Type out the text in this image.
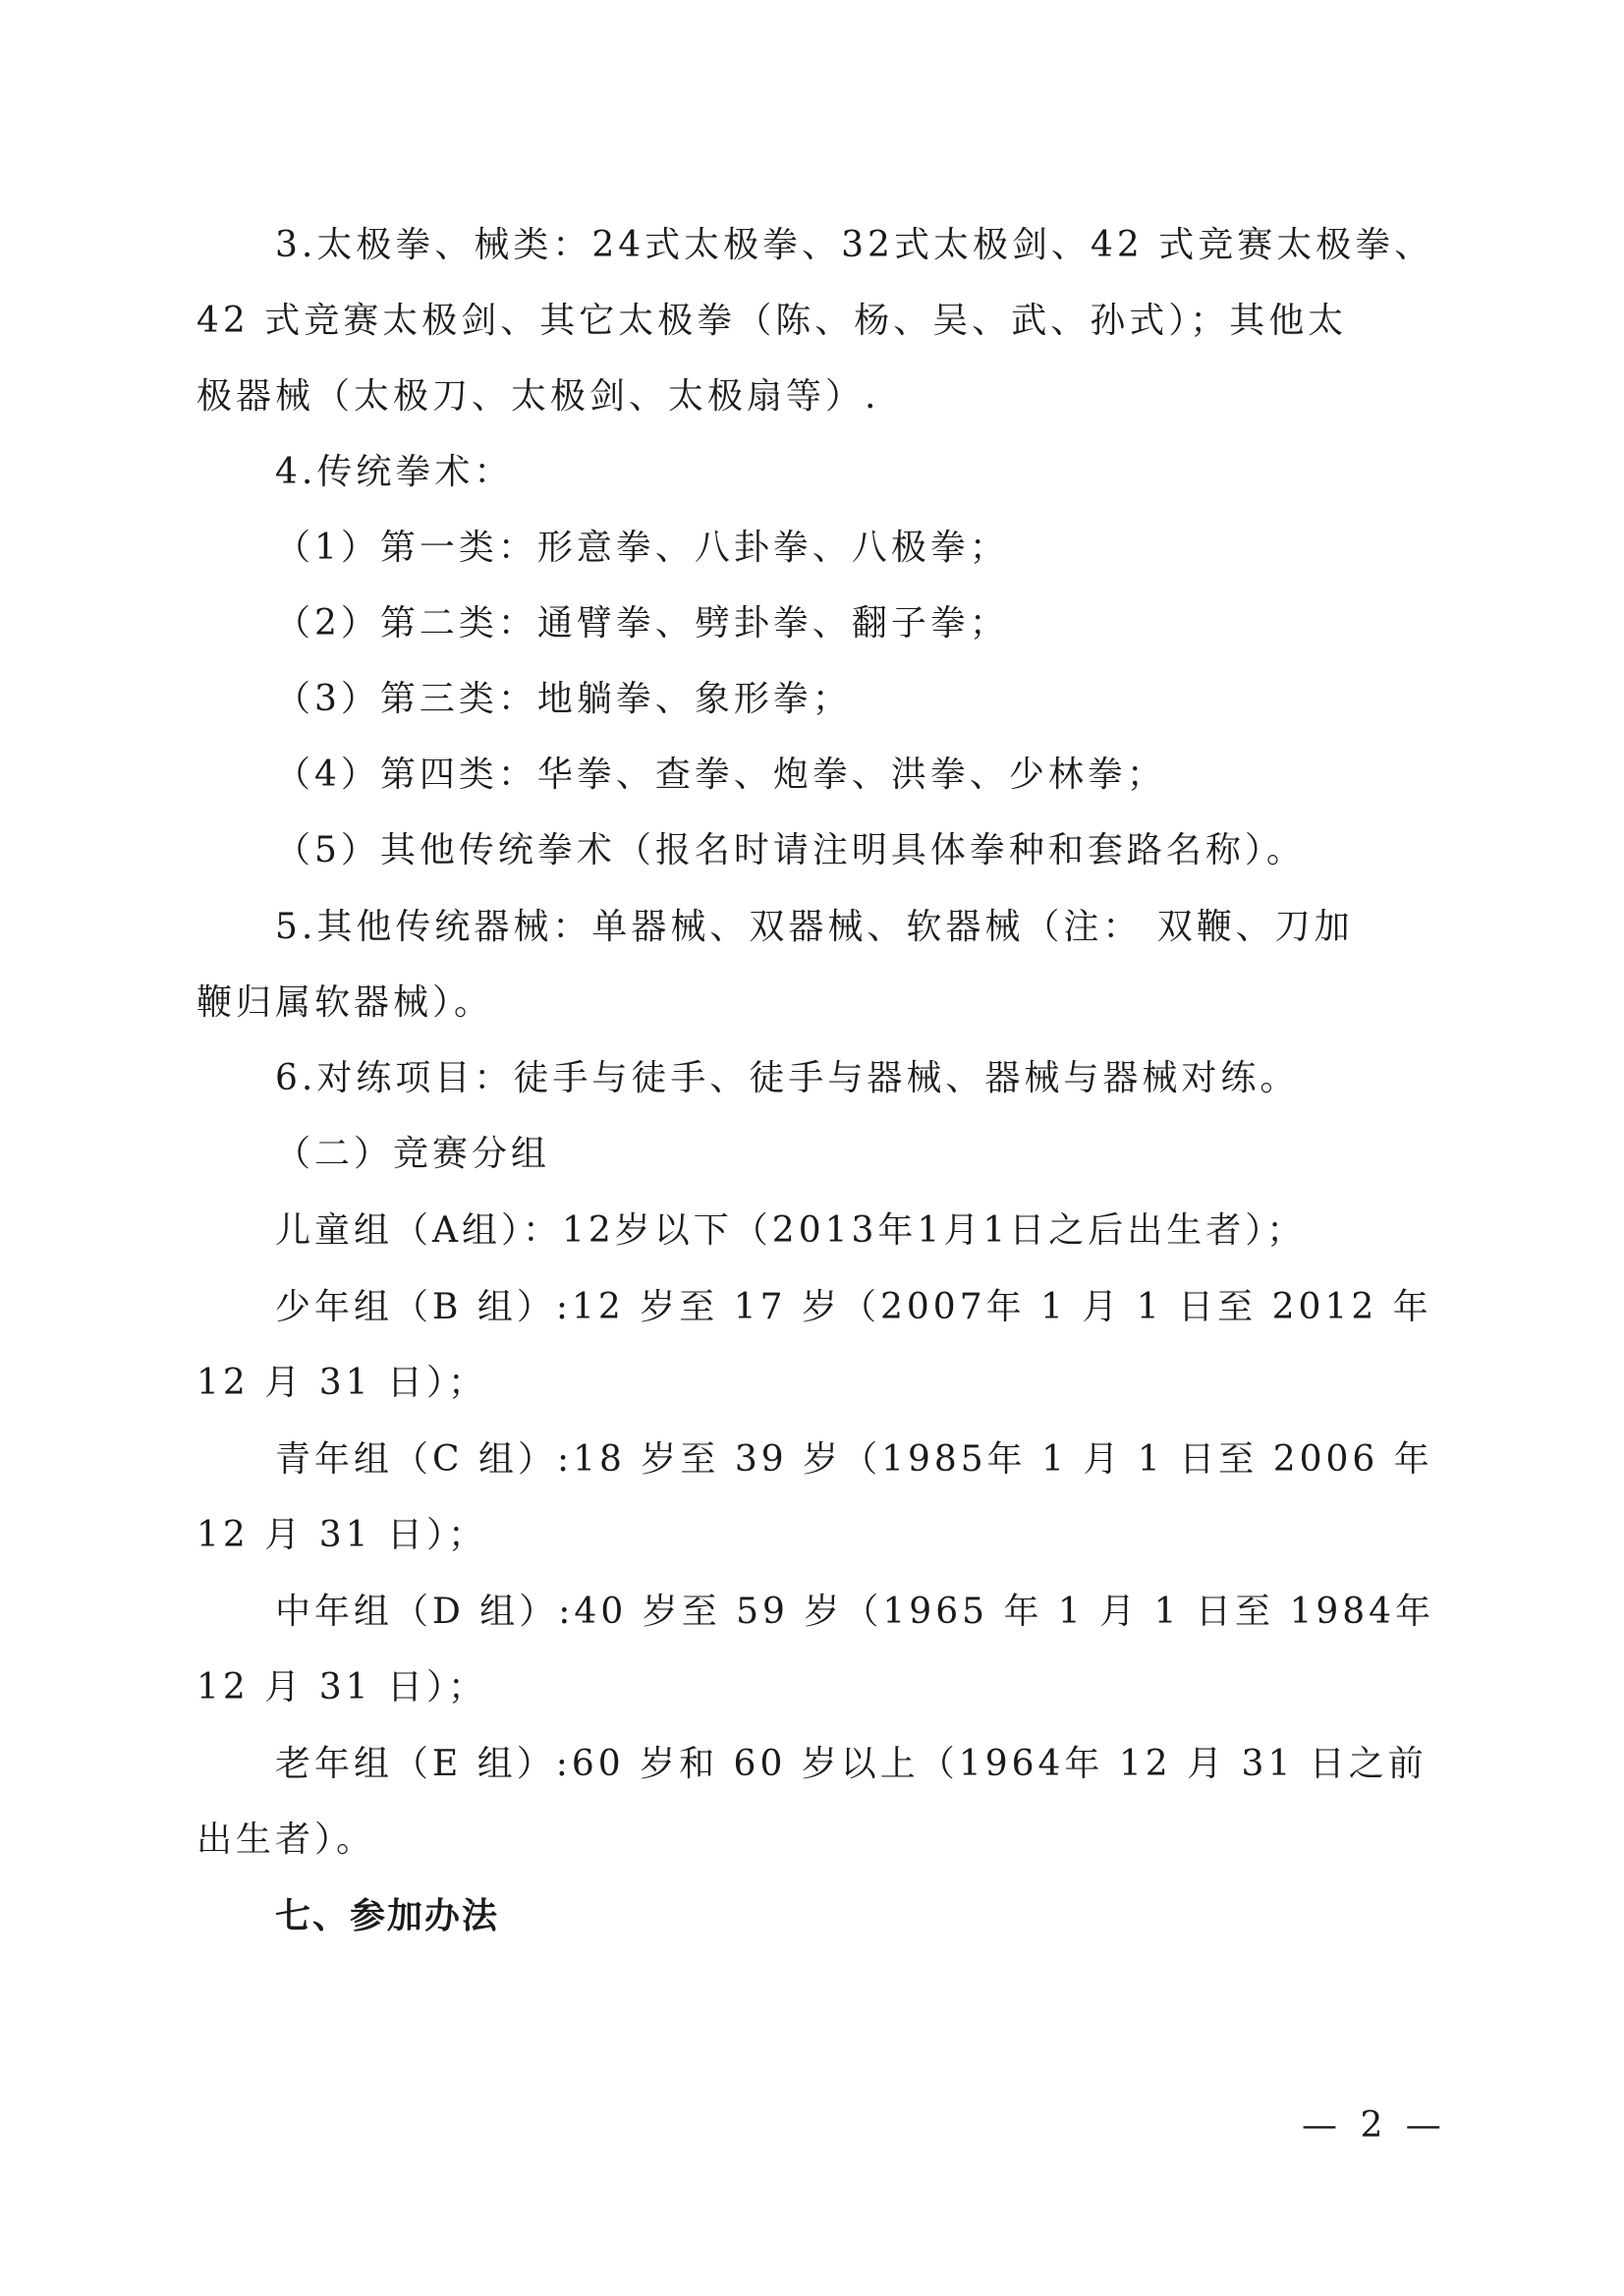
3.太极拳、械类：24式太极拳、32式太极剑、42 式竞赛太极拳、
42 式竞赛太极剑、其它太极拳（陈、杨、吴、武、孙式）；其他太
极器械（太极刀、太极剑、太极扇等）.
4.传统拳术：
（1）第一类：形意拳、八卦拳、八极拳；
（2）第二类：通臂拳、劈卦拳、翻子拳；
（3）第三类：地躺拳、象形拳；
（4）第四类：华拳、查拳、炮拳、洪拳、少林拳；
（5）其他传统拳术（报名时请注明具体拳种和套路名称）。
5.其他传统器械：单器械、双器械、软器械（注： 双鞭、刀加
鞭归属软器械）。
6.对练项目：徒手与徒手、徒手与器械、器械与器械对练。
（二）竞赛分组
儿童组（A组）：12岁以下（2013年1月1日之后出生者）；
少年组（B 组）:12 岁至 17 岁（2007年 1 月 1 日至 2012 年
12 月 31 日）；
青年组（C 组）:18 岁至 39 岁（1985年 1 月 1 日至 2006 年
12 月 31 日）；
中年组（D 组）:40 岁至 59 岁（1965 年 1 月 1 日至 1984年
12 月 31 日）；
老年组（E 组）:60 岁和 60 岁以上（1964年 12 月 31 日之前
出生者）。
七、参加办法
— 2 —
